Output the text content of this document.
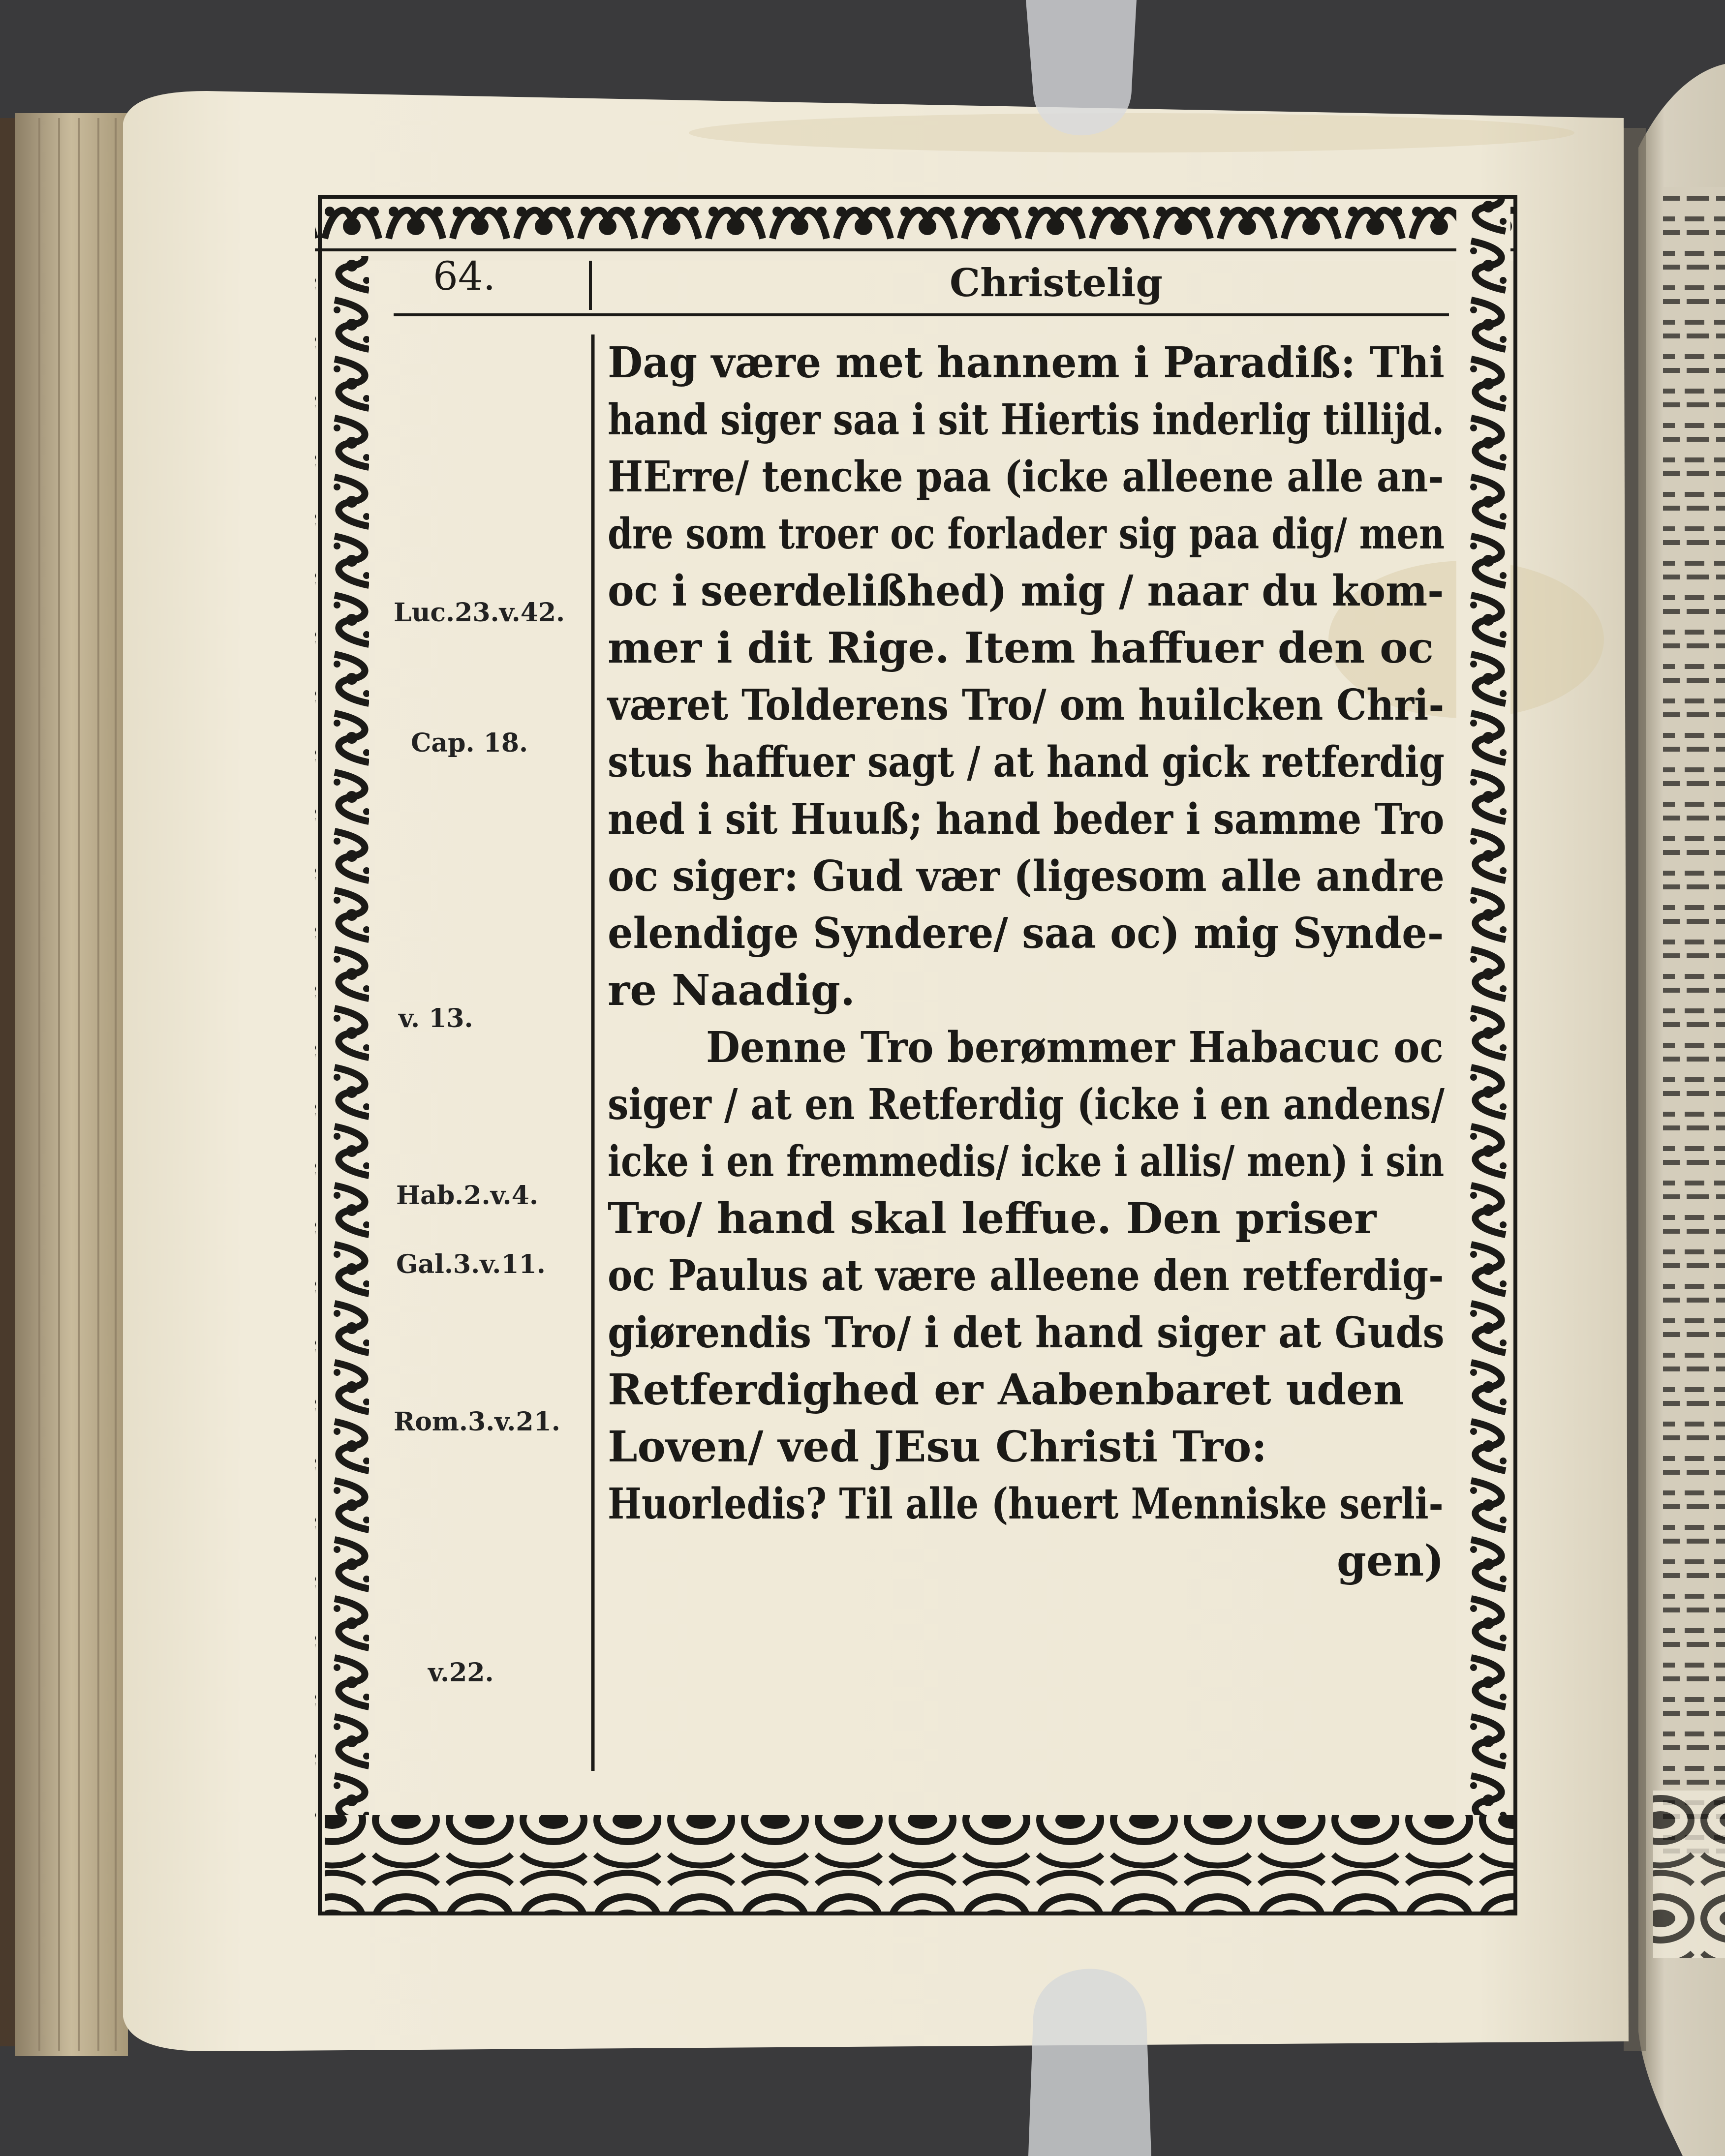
64.	Christelig
Luc.23.v.42.
Cap. 18.
v. 13.
Hab.2.v.4.
Gal.3.v.11.
Rom.3.v.21.
v.22.
Dag være met hannem i Paradiß: Thi
hand siger saa i sit Hiertis inderlig tillijd.
HErre/ tencke paa (icke alleene alle an-
dre som troer oc forlader sig paa dig/ men
oc i seerdelißhed) mig / naar du kom-
mer i dit Rige. Item haffuer den oc
været Tolderens Tro/ om huilcken Chri-
stus haffuer sagt / at hand gick retferdig
ned i sit Huuß; hand beder i samme Tro
oc siger: Gud vær (ligesom alle andre
elendige Syndere/ saa oc) mig Synde-
re Naadig.
Denne Tro berømmer Habacuc oc
siger / at en Retferdig (icke i en andens/
icke i en fremmedis/ icke i allis/ men) i sin
Tro/ hand skal leffue. Den priser
oc Paulus at være alleene den retferdig-
giørendis Tro/ i det hand siger at Guds
Retferdighed er Aabenbaret uden
Loven/ ved JEsu Christi Tro:
Huorledis? Til alle (huert Menniske serli-
gen)
